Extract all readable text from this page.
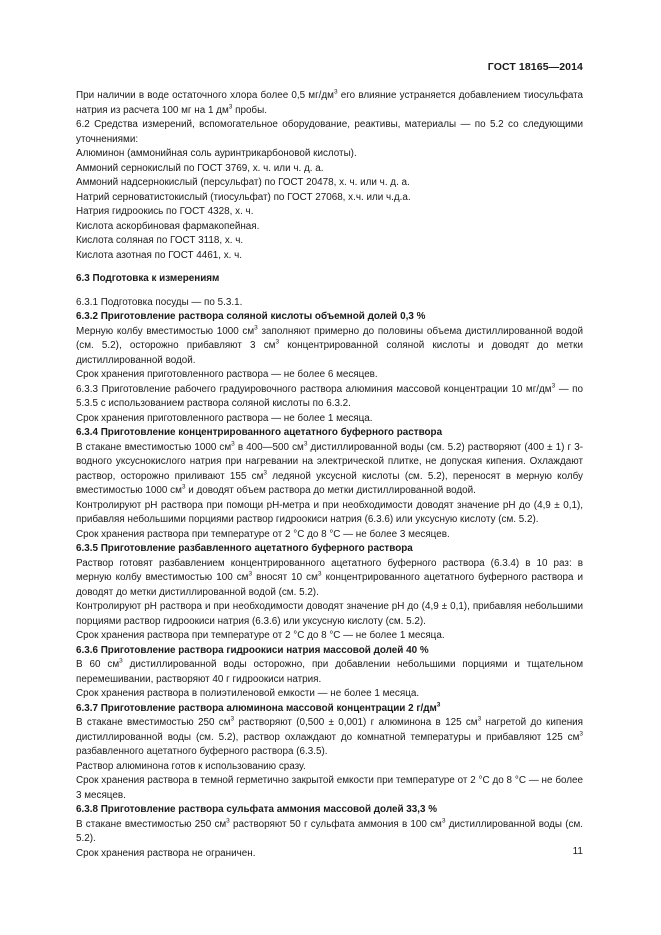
ГОСТ 18165—2014

При наличии в воде остаточного хлора более 0,5 $мг/дм^3$ его влияние устраняется добавлением тиосульфата натрия из расчета 100 мг на 1 $дм^3$ пробы.

6.2 Средства измерений, вспомогательное оборудование, реактивы, материалы — по 5.2 со следующими уточнениями:

Алюминон (аммонийная соль ауринтрикарбоновой кислоты).

Аммоний сернокислый по ГОСТ 3769, х. ч. или ч. д. а.

Аммоний надсернокислый (персульфат) по ГОСТ 20478, х. ч. или ч. д. а.

Натрий серноватистокислый (тиосульфат) по ГОСТ 27068, х.ч. или ч.д.а.

Натрия гидроокись по ГОСТ 4328, х. ч.

Кислота аскорбиновая фармакопейная.

Кислота соляная по ГОСТ 3118, х. ч.

Кислота азотная по ГОСТ 4461, х. ч.

6.3 Подготовка к измерениям

6.3.1 Подготовка посуды — по 5.3.1.

6.3.2 Приготовление раствора соляной кислоты объемной долей 0,3 %

Мерную колбу вместимостью 1000 $см^3$ заполняют примерно до половины объема дистиллированной водой (см. 5.2), осторожно прибавляют 3 $см^3$ концентрированной соляной кислоты и доводят до метки дистиллированной водой.

Срок хранения приготовленного раствора — не более 6 месяцев.

6.3.3 Приготовление рабочего градуировочного раствора алюминия массовой концентрации 10 $мг/дм^3$ — по 5.3.5 с использованием раствора соляной кислоты по 6.3.2.

Срок хранения приготовленного раствора — не более 1 месяца.

6.3.4 Приготовление концентрированного ацетатного буферного раствора

В стакане вместимостью 1000 $см^3$ в 400—500 $см^3$ дистиллированной воды (см. 5.2) растворяют (400 ± 1) г 3-водного уксуснокислого натрия при нагревании на электрической плитке, не допуская кипения. Охлаждают раствор, осторожно приливают 155 $см^3$ ледяной уксусной кислоты (см. 5.2), переносят в мерную колбу вместимостью 1000 $см^3$ и доводят объем раствора до метки дистиллированной водой.

Контролируют pH раствора при помощи pH-метра и при необходимости доводят значение pH до (4,9 ± 0,1), прибавляя небольшими порциями раствор гидроокиси натрия (6.3.6) или уксусную кислоту (см. 5.2).

Срок хранения раствора при температуре от 2 °C до 8 °C — не более 3 месяцев.

6.3.5 Приготовление разбавленного ацетатного буферного раствора

Раствор готовят разбавлением концентрированного ацетатного буферного раствора (6.3.4) в 10 раз: в мерную колбу вместимостью 100 $см^3$ вносят 10 $см^3$ концентрированного ацетатного буферного раствора и доводят до метки дистиллированной водой (см. 5.2).

Контролируют pH раствора и при необходимости доводят значение pH до (4,9 ± 0,1), прибавляя небольшими порциями раствор гидроокиси натрия (6.3.6) или уксусную кислоту (см. 5.2).

Срок хранения раствора при температуре от 2 °C до 8 °C — не более 1 месяца.

6.3.6 Приготовление раствора гидроокиси натрия массовой долей 40 %

В 60 $см^3$ дистиллированной воды осторожно, при добавлении небольшими порциями и тщательном перемешивании, растворяют 40 г гидроокиси натрия.

Срок хранения раствора в полиэтиленовой емкости — не более 1 месяца.

6.3.7 Приготовление раствора алюминона массовой концентрации 2 $г/дм^3$

В стакане вместимостью 250 $см^3$ растворяют (0,500 ± 0,001) г алюминона в 125 $см^3$ нагретой до кипения дистиллированной воды (см. 5.2), раствор охлаждают до комнатной температуры и прибавляют 125 $см^3$ разбавленного ацетатного буферного раствора (6.3.5).

Раствор алюминона готов к использованию сразу.

Срок хранения раствора в темной герметично закрытой емкости при температуре от 2 °C до 8 °C — не более 3 месяцев.

6.3.8 Приготовление раствора сульфата аммония массовой долей 33,3 %

В стакане вместимостью 250 $см^3$ растворяют 50 г сульфата аммония в 100 $см^3$ дистиллированной воды (см. 5.2).

Срок хранения раствора не ограничен.	11
